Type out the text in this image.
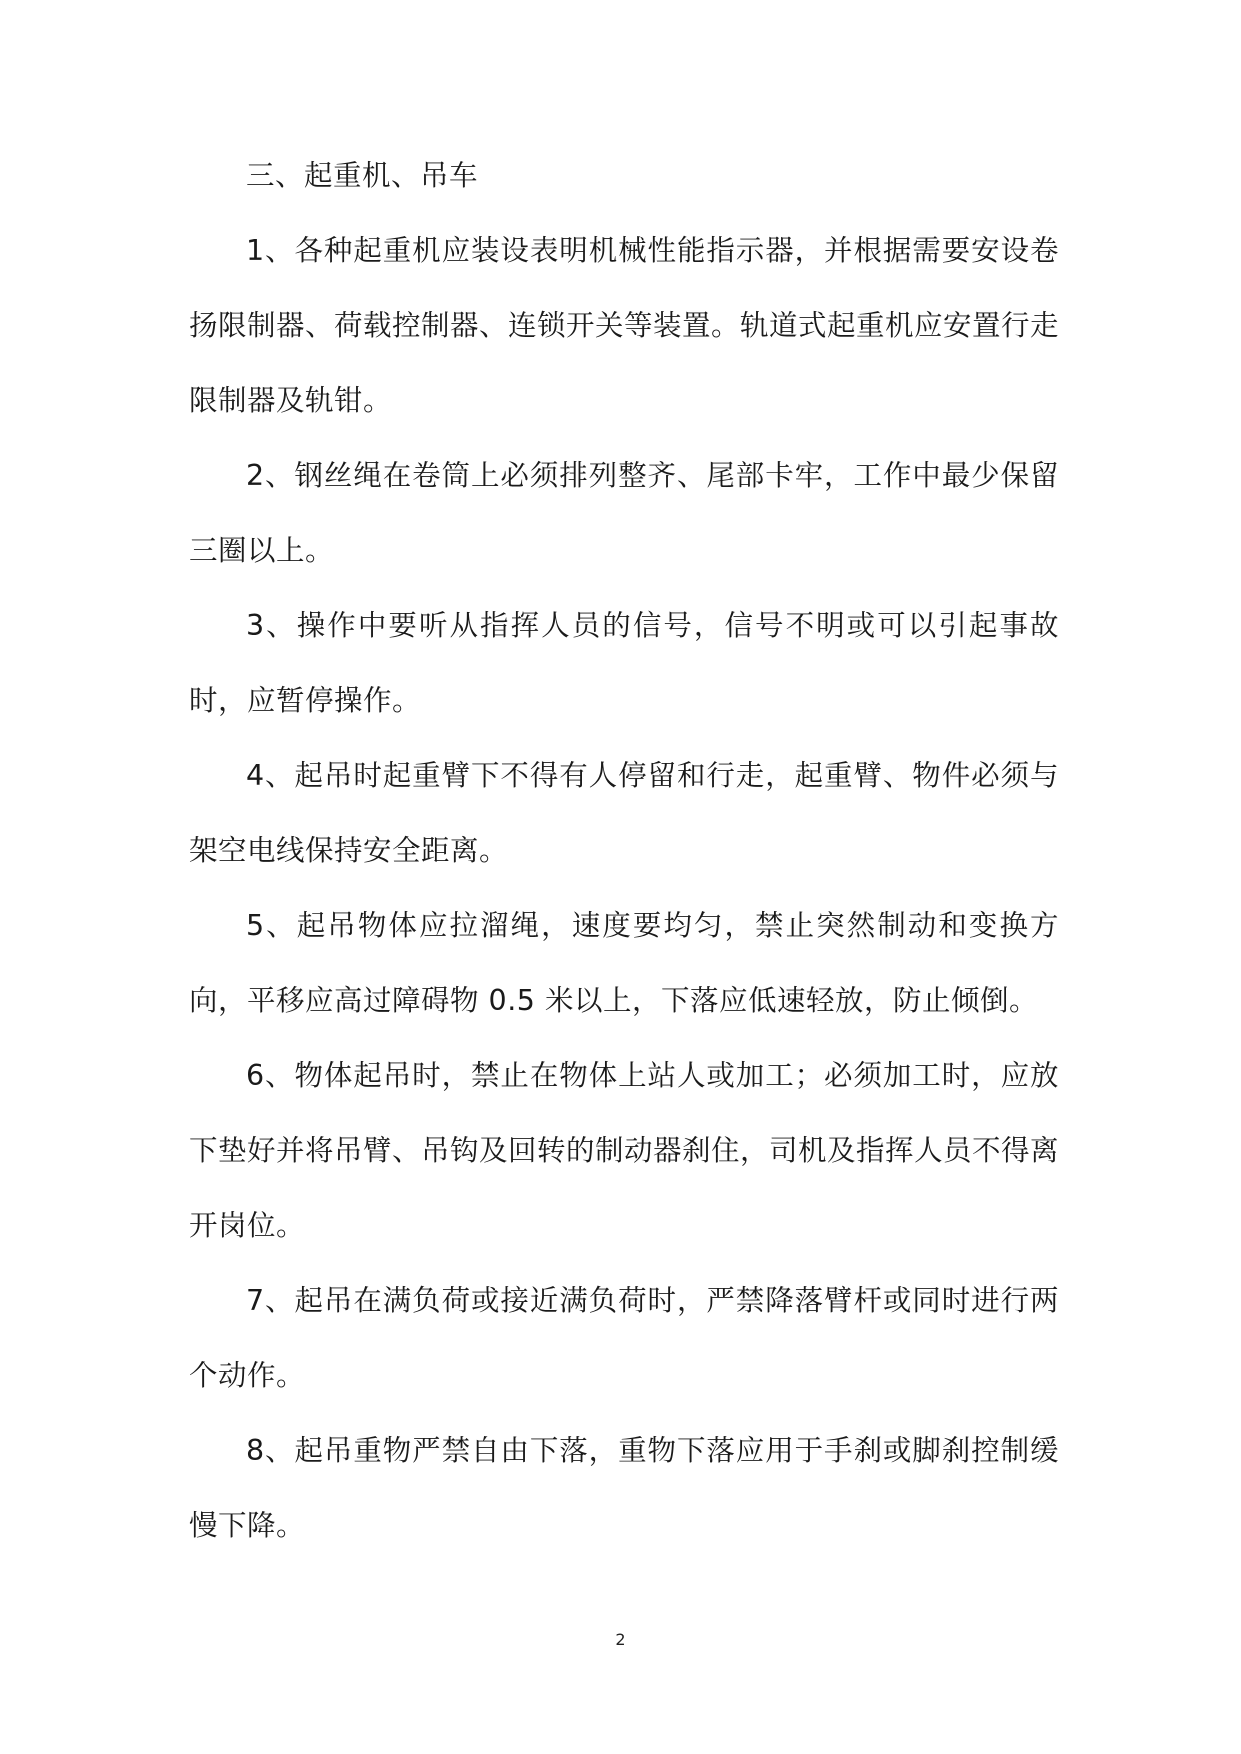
三、起重机、吊车

1、各种起重机应装设表明机械性能指示器，并根据需要安设卷扬限制器、荷载控制器、连锁开关等装置。轨道式起重机应安置行走限制器及轨钳。

2、钢丝绳在卷筒上必须排列整齐、尾部卡牢，工作中最少保留三圈以上。

3、操作中要听从指挥人员的信号，信号不明或可以引起事故时，应暂停操作。

4、起吊时起重臂下不得有人停留和行走，起重臂、物件必须与架空电线保持安全距离。

5、起吊物体应拉溜绳，速度要均匀，禁止突然制动和变换方向，平移应高过障碍物 0.5 米以上，下落应低速轻放，防止倾倒。

6、物体起吊时，禁止在物体上站人或加工；必须加工时，应放下垫好并将吊臂、吊钩及回转的制动器刹住，司机及指挥人员不得离开岗位。

7、起吊在满负荷或接近满负荷时，严禁降落臂杆或同时进行两个动作。

8、起吊重物严禁自由下落，重物下落应用于手刹或脚刹控制缓慢下降。

2
